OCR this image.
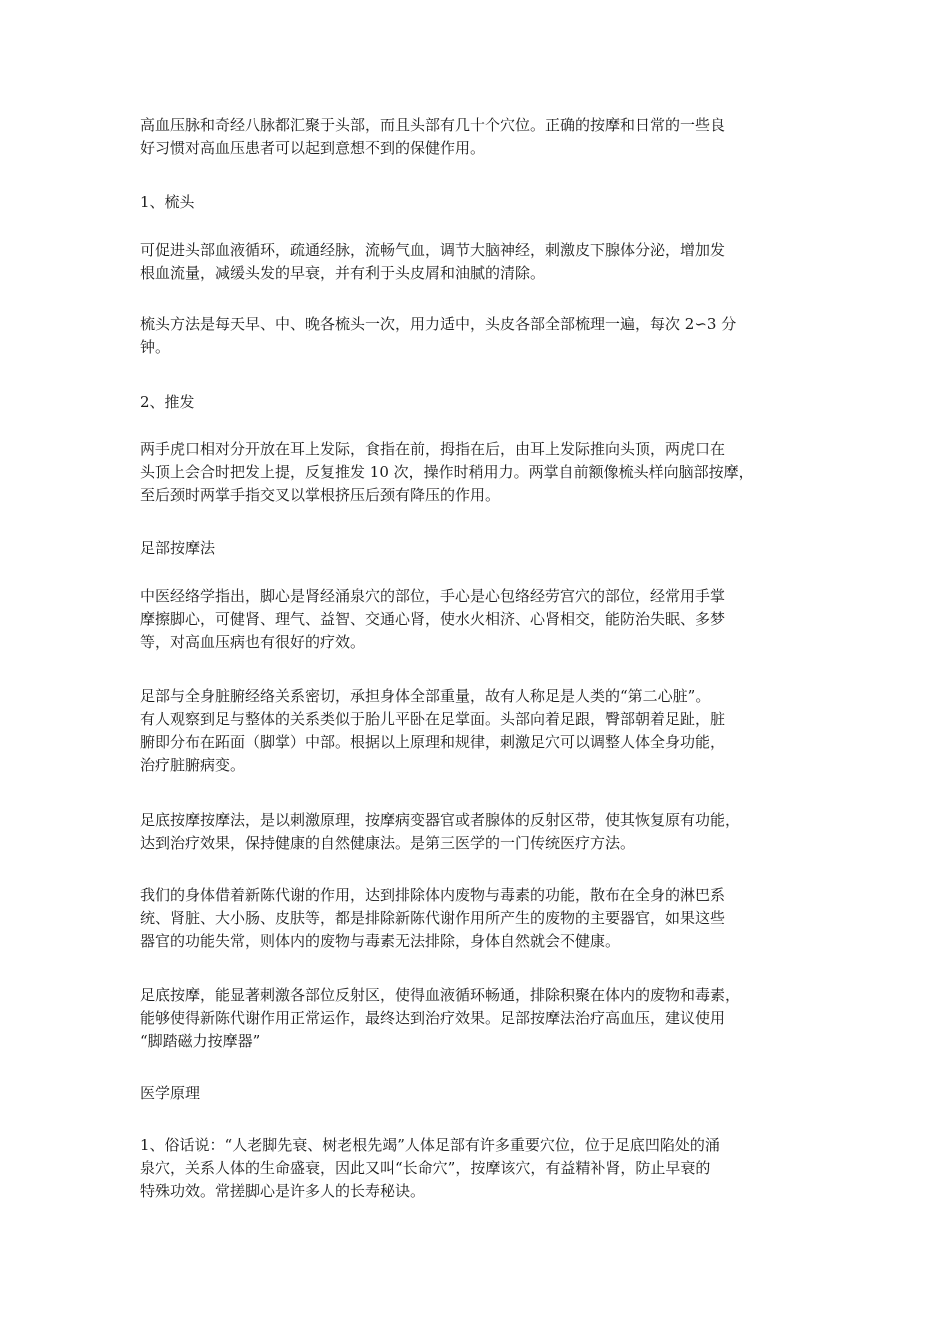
高血压脉和奇经八脉都汇聚于头部，而且头部有几十个穴位。正确的按摩和日常的一些良
好习惯对高血压患者可以起到意想不到的保健作用。
1、梳头
可促进头部血液循环，疏通经脉，流畅气血，调节大脑神经，刺激皮下腺体分泌，增加发
根血流量，减缓头发的早衰，并有利于头皮屑和油腻的清除。
梳头方法是每天早、中、晚各梳头一次，用力适中，头皮各部全部梳理一遍，每次 2∽3 分
钟。
2、推发
两手虎口相对分开放在耳上发际，食指在前，拇指在后，由耳上发际推向头顶，两虎口在
头顶上会合时把发上提，反复推发 10 次，操作时稍用力。两掌自前额像梳头样向脑部按摩，
至后颈时两掌手指交叉以掌根挤压后颈有降压的作用。
足部按摩法
中医经络学指出，脚心是肾经涌泉穴的部位，手心是心包络经劳宫穴的部位，经常用手掌
摩擦脚心，可健肾、理气、益智、交通心肾，使水火相济、心肾相交，能防治失眠、多梦
等，对高血压病也有很好的疗效。
足部与全身脏腑经络关系密切，承担身体全部重量，故有人称足是人类的“第二心脏”。
有人观察到足与整体的关系类似于胎儿平卧在足掌面。头部向着足跟，臀部朝着足趾，脏
腑即分布在跖面（脚掌）中部。根据以上原理和规律，刺激足穴可以调整人体全身功能，
治疗脏腑病变。
足底按摩按摩法，是以刺激原理，按摩病变器官或者腺体的反射区带，使其恢复原有功能，
达到治疗效果，保持健康的自然健康法。是第三医学的一门传统医疗方法。
我们的身体借着新陈代谢的作用，达到排除体内废物与毒素的功能，散布在全身的淋巴系
统、肾脏、大小肠、皮肤等，都是排除新陈代谢作用所产生的废物的主要器官，如果这些
器官的功能失常，则体内的废物与毒素无法排除，身体自然就会不健康。
足底按摩，能显著刺激各部位反射区，使得血液循环畅通，排除积聚在体内的废物和毒素，
能够使得新陈代谢作用正常运作，最终达到治疗效果。足部按摩法治疗高血压，建议使用
“脚踏磁力按摩器”
医学原理
1、俗话说：“人老脚先衰、树老根先竭”人体足部有许多重要穴位，位于足底凹陷处的涌
泉穴，关系人体的生命盛衰，因此又叫“长命穴”，按摩该穴，有益精补肾，防止早衰的
特殊功效。常搓脚心是许多人的长寿秘诀。
